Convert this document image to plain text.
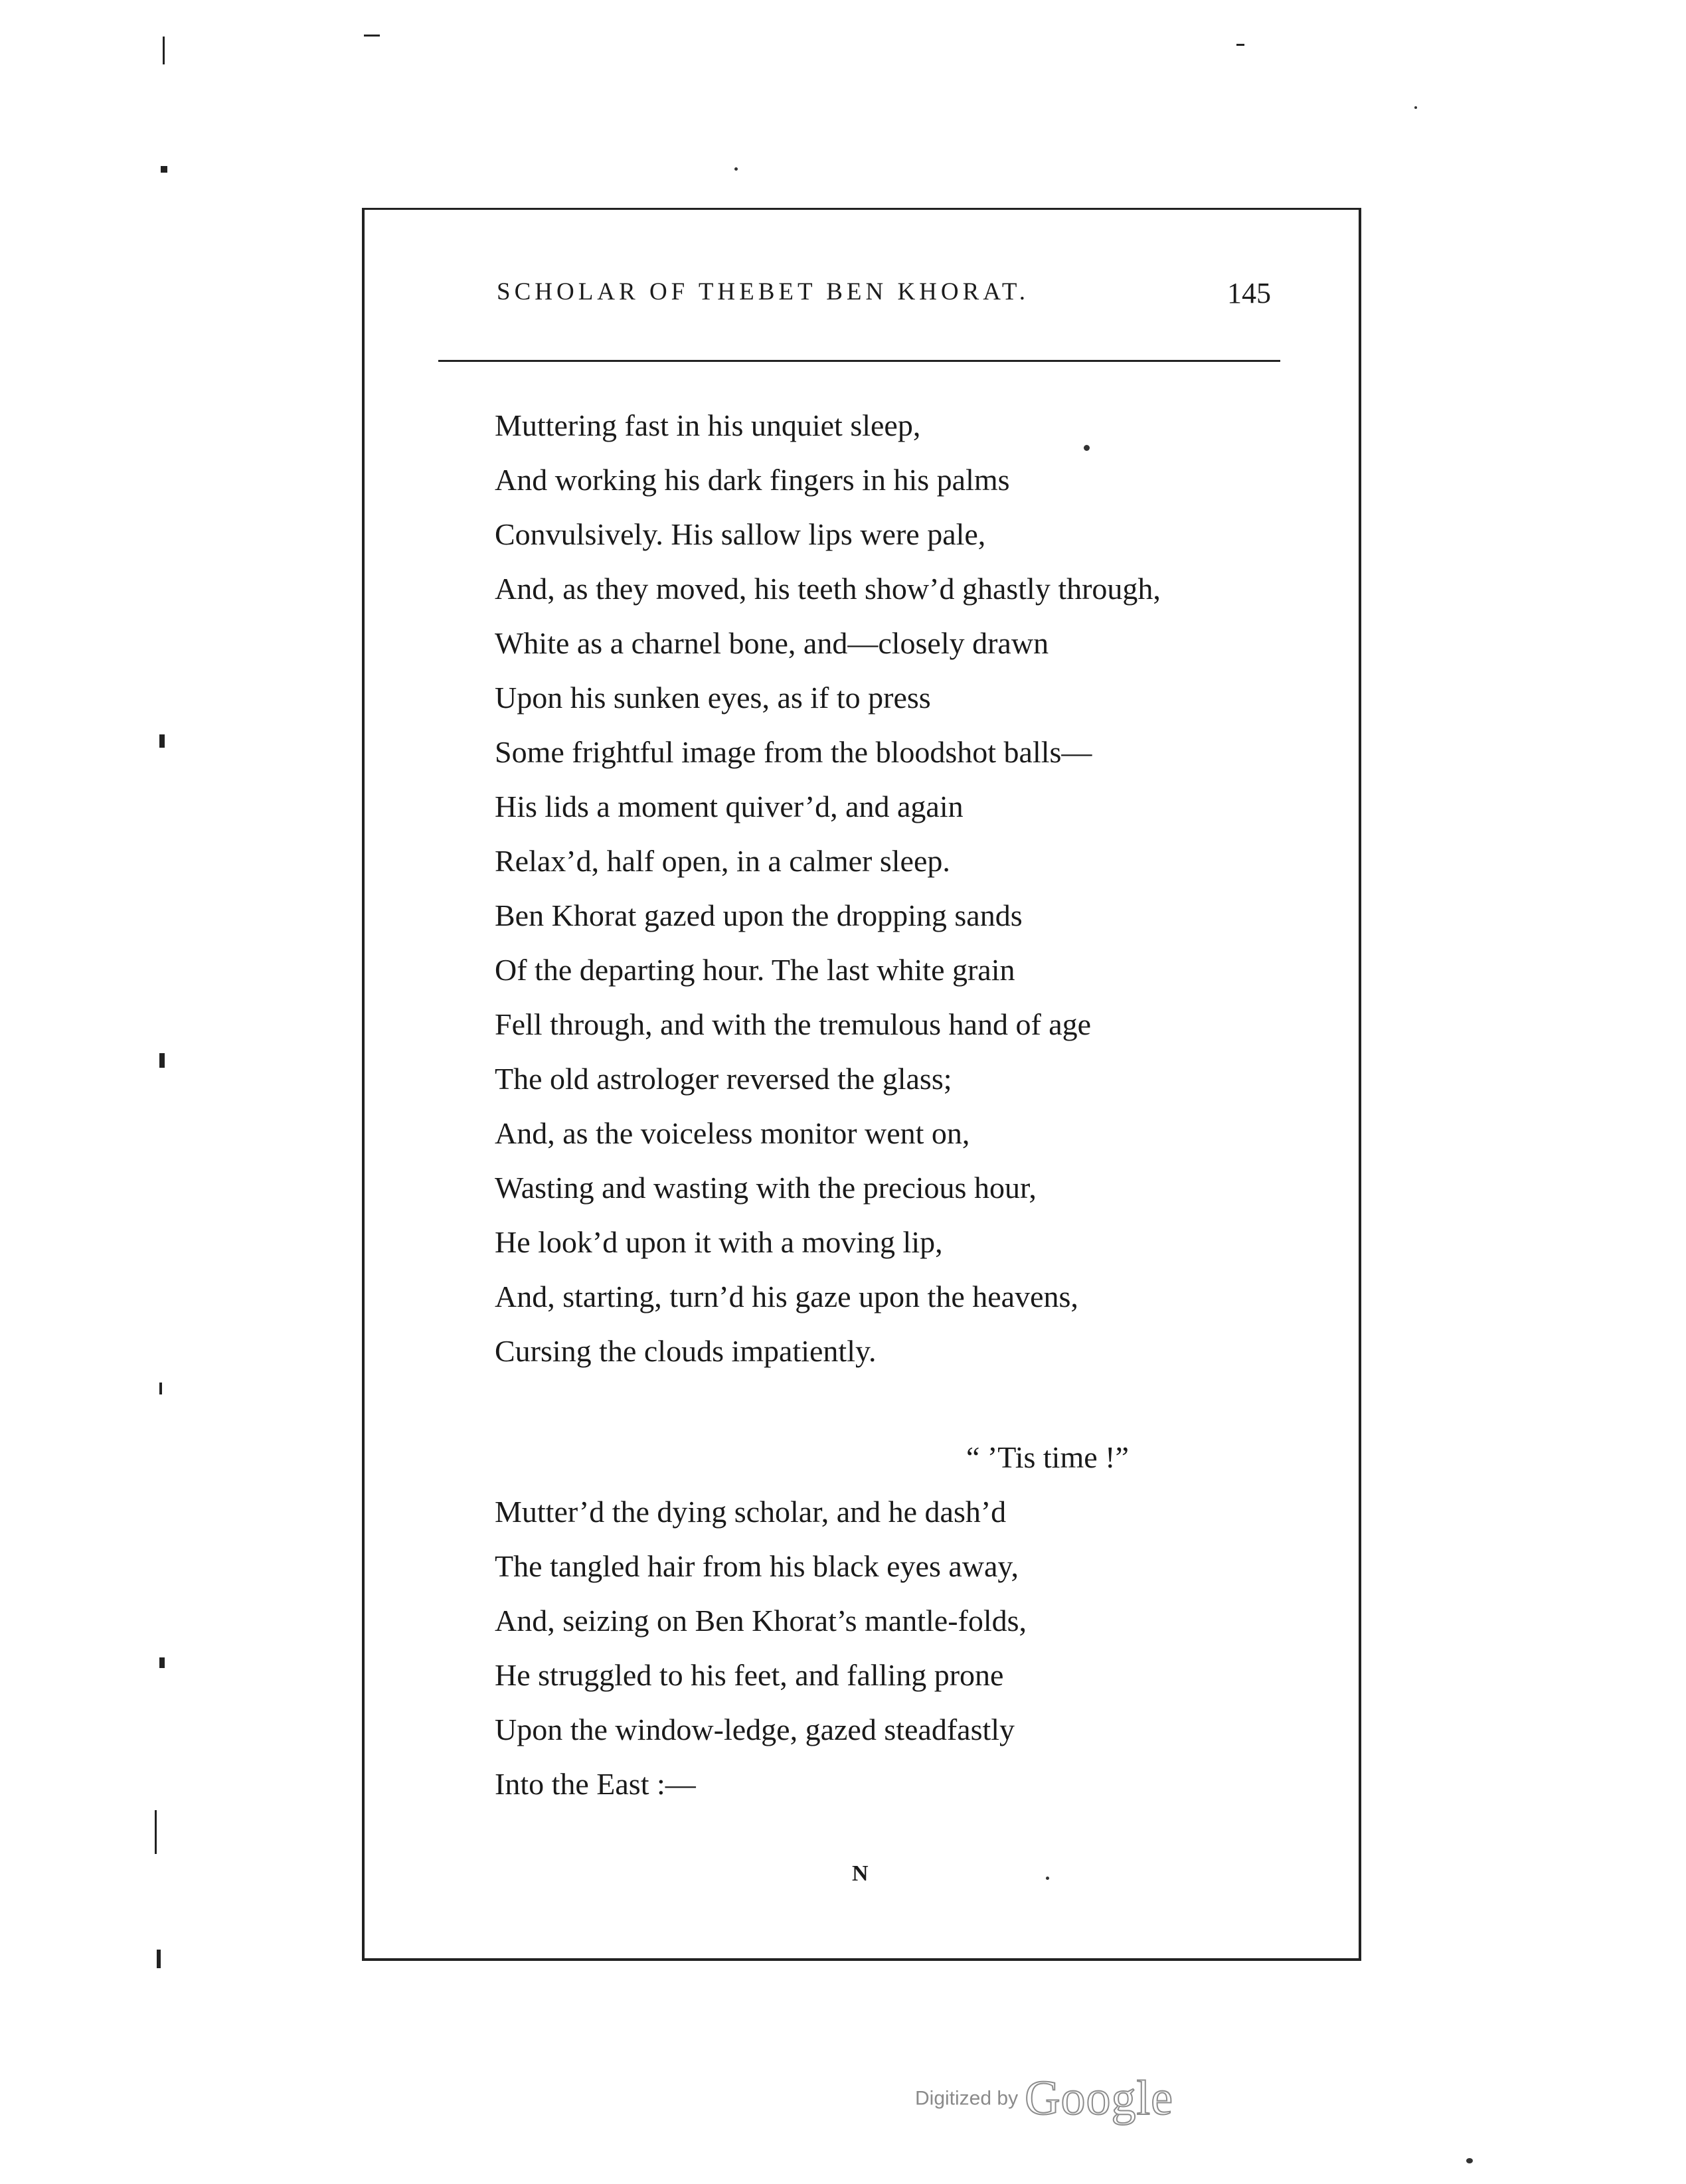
SCHOLAR OF THEBET BEN KHORAT.	145
Muttering fast in his unquiet sleep,
And working his dark fingers in his palms
Convulsively. His sallow lips were pale,
And, as they moved, his teeth show’d ghastly through,
White as a charnel bone, and—closely drawn
Upon his sunken eyes, as if to press
Some frightful image from the bloodshot balls—
His lids a moment quiver’d, and again
Relax’d, half open, in a calmer sleep.
Ben Khorat gazed upon the dropping sands
Of the departing hour. The last white grain
Fell through, and with the tremulous hand of age
The old astrologer reversed the glass;
And, as the voiceless monitor went on,
Wasting and wasting with the precious hour,
He look’d upon it with a moving lip,
And, starting, turn’d his gaze upon the heavens,
Cursing the clouds impatiently.
“ ’Tis time !”
Mutter’d the dying scholar, and he dash’d
The tangled hair from his black eyes away,
And, seizing on Ben Khorat’s mantle-folds,
He struggled to his feet, and falling prone
Upon the window-ledge, gazed steadfastly
Into the East :—
N
Digitized by Google
